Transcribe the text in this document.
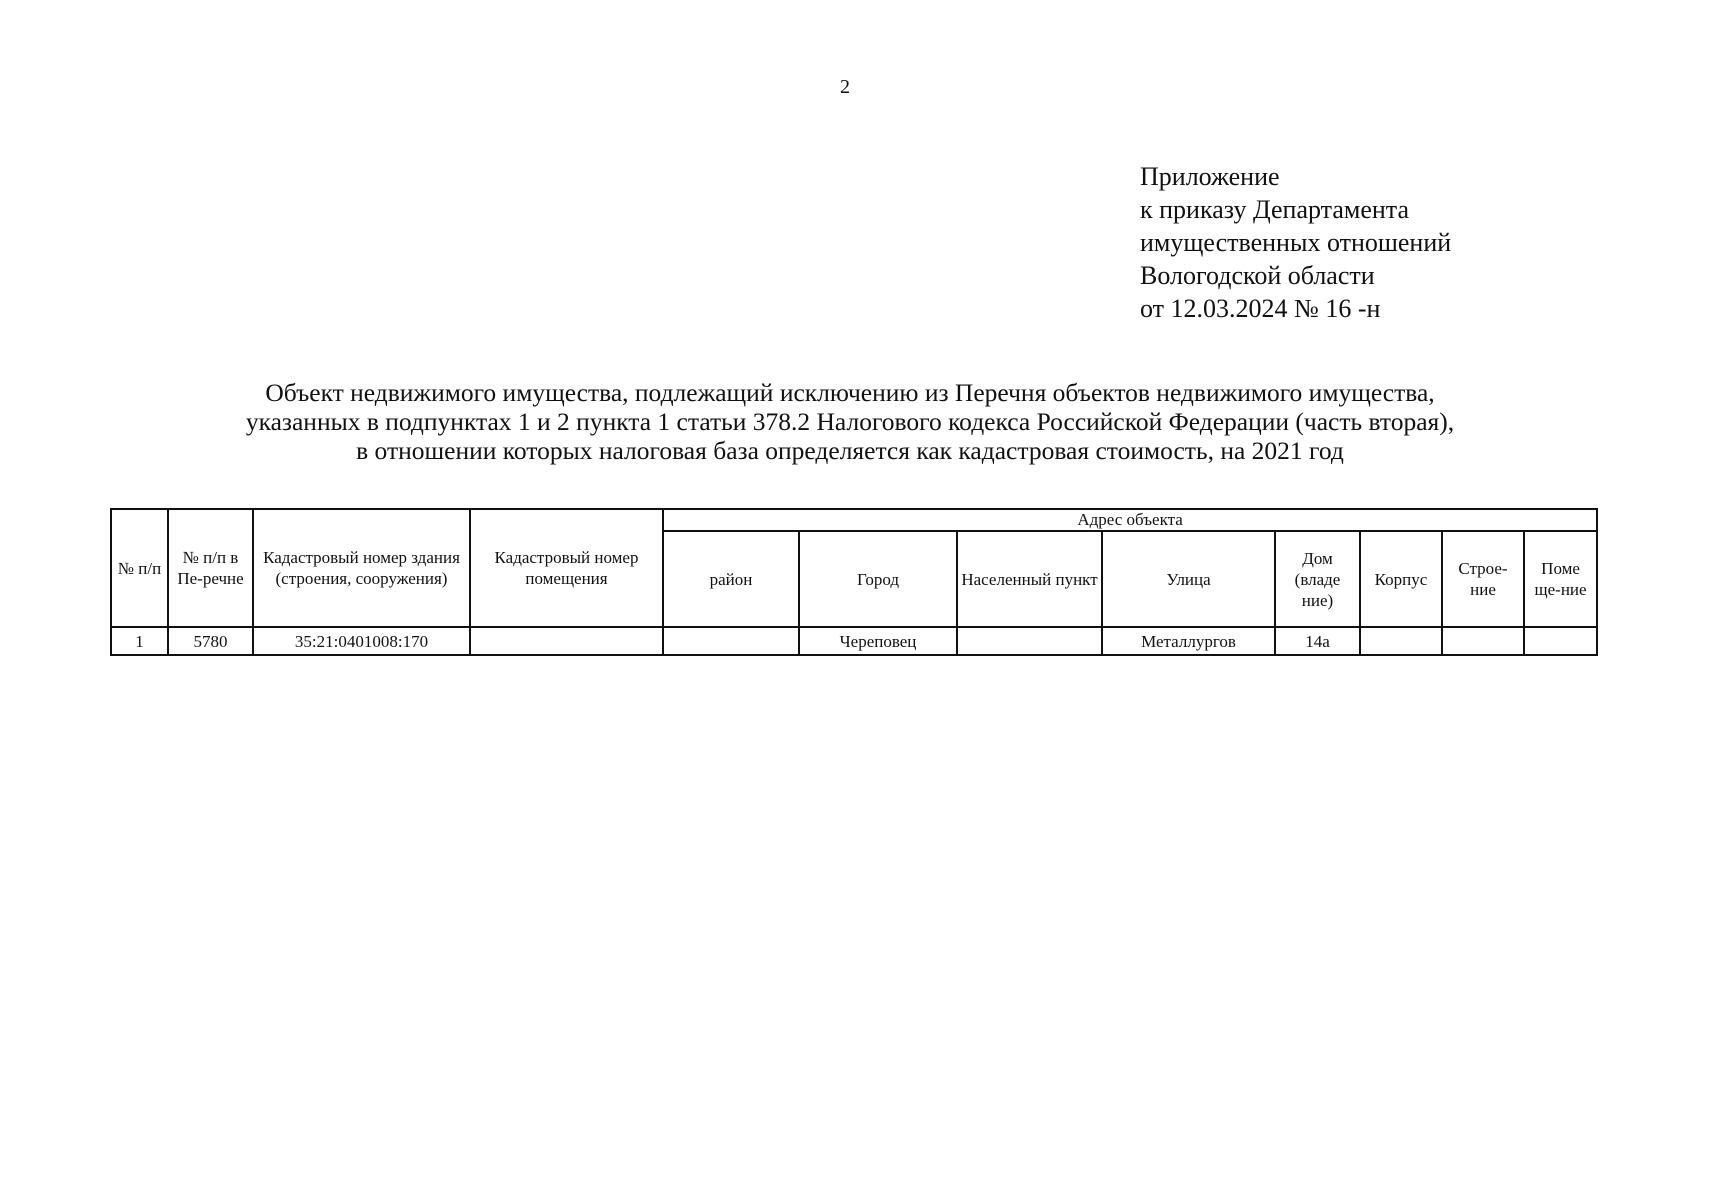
2
Приложение
к приказу Департамента
имущественных отношений
Вологодской области
от 12.03.2024 № 16 -н
Объект недвижимого имущества, подлежащий исключению из Перечня объектов недвижимого имущества,
указанных в подпунктах 1 и 2 пункта 1 статьи 378.2 Налогового кодекса Российской Федерации (часть вторая),
в отношении которых налоговая база определяется как кадастровая стоимость, на 2021 год
№ п/п	№ п/п в Пе-речне	Кадастровый номер здания (строения, сооружения)	Кадастровый номер помещения	Адрес объекта							
				район	Город	Населенный пункт	Улица	Дом (владе ние)	Корпус	Строе-ние	Поме ще-ние
1	5780	35:21:0401008:170			Череповец		Металлургов	14а			
